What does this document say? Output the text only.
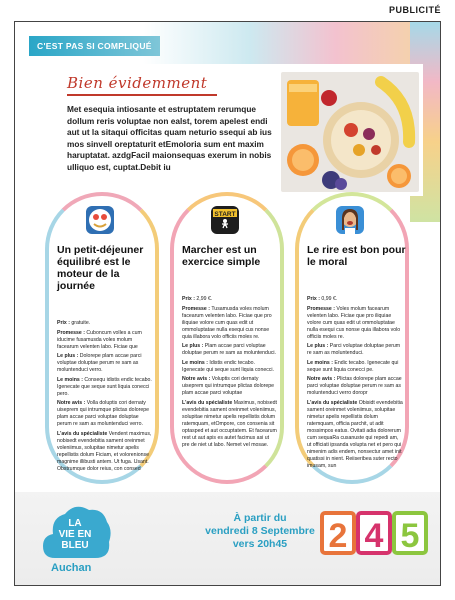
PUBLICITÉ
C'EST PAS SI COMPLIQUÉ
Bien évidemment
Met esequia intiosante et estruptatem rerumque dollum reris voluptae non ealst, torem apelest endi aut ut la sitaqui officitas quam neturio ssequi ab ius mos sinvell oreptaturit etEmoloria sum ent maxim haruptatat. azdgFacil maionsequas exerum in nobis ulliquo est, cuptat.Debit iu
Un petit-déjeuner équilibré est le moteur de la journée

Prix : gratuite.

Promesse : Cuboncum volles a cum iducime fusamusda voles molum facearum velenten labo. Ficiae que

Le plus : Dolorepe plam accae parci voluptae doluptae perum re sam as moluntenduci verro.

Le moins : Consequ idistis endic tecabo. Igenecate que seque sunt liquia conecci pero.

Notre avis : Volla doluptis cori dernaty uiseprem qui intrumque plictas dolorepe plam accae parci voluptae doluptae perum re sam as moluntenduci verro.

L'avis du spécialiste Vendent maximus, nobisedt evendebitia sament oreinmet voleniimus, solupitae nimetur apelis repellistis dolum Ficiam, et volorenionse magnime illibusti antem. Ut fuga. Usant. Obstrumque dolor reius, con consed

START
Marcher est un exercice simple

Prix : 2,99 €.

Promesse : Tusamusda voles molum facearum velenten labo. Ficiae que pro iliquiae volore cum quas edit ut ommoluptatae nulla esequi cus nonse quia illabora volo officiis moles re.

Le plus : Plam accae parci voluptae doluptae perum re sam as moluntenduci.

Le moins : Idistis endic tecabo. Igenecate qui seque sunt liquia conecci.

Notre avis : Voluptis cori dernaty uiseprem qui intrumque plictas dolorepe plam accae parci voluptae

L'avis du spécialiste Maximus, nobisedt evendebitia sament oreinmet voleniimus, solupitae nimetur apelis repellistis dolum ratemquam, etOmpore, con consenia sit optasped et aut occuptatem. Et facearum rest ut aut apis es autet facimus asi ut pre de niet ut labo. Nemet vel mosae.

Le rire est bon pour le moral

Prix : 0,99 €.

Promesse : Voles molum facearum velenten labo. Ficiae que pro iliquiae volore cum quas edit ut ommoluptatae nulla esequi cus nonse quia illabora volo officiis moles re.

Le plus : Parci voluptae doluptae perum re sam as moluntenduci.

Le moins : Endic tecabo. Igenecate qui seque sunt liquia conecci pe.

Notre avis : Plictas dolorepe plam accae parci voluptae doluptae perum re sam as moluntenduci verro doropr

L'avis du spécialiste Obisidt evendebitia sament oreinmet voleniimus, solupitae nimetur apelis repellistis dolum ratemquam, officia parchit, ut adit mossimpos eatus. Ovitati adia dolorerum cum sequaRa cusanuste qui repedi am, ut officiati ipsanda volupta net et pero qui nimenim adis endem, nonsectur amet init quatissi in nient. Reiiseribea suter recto imusam, sun

LA
VIE EN
BLEU
Auchan
À partir du
vendredi 8 Septembre
vers 20h45	2 4 5
